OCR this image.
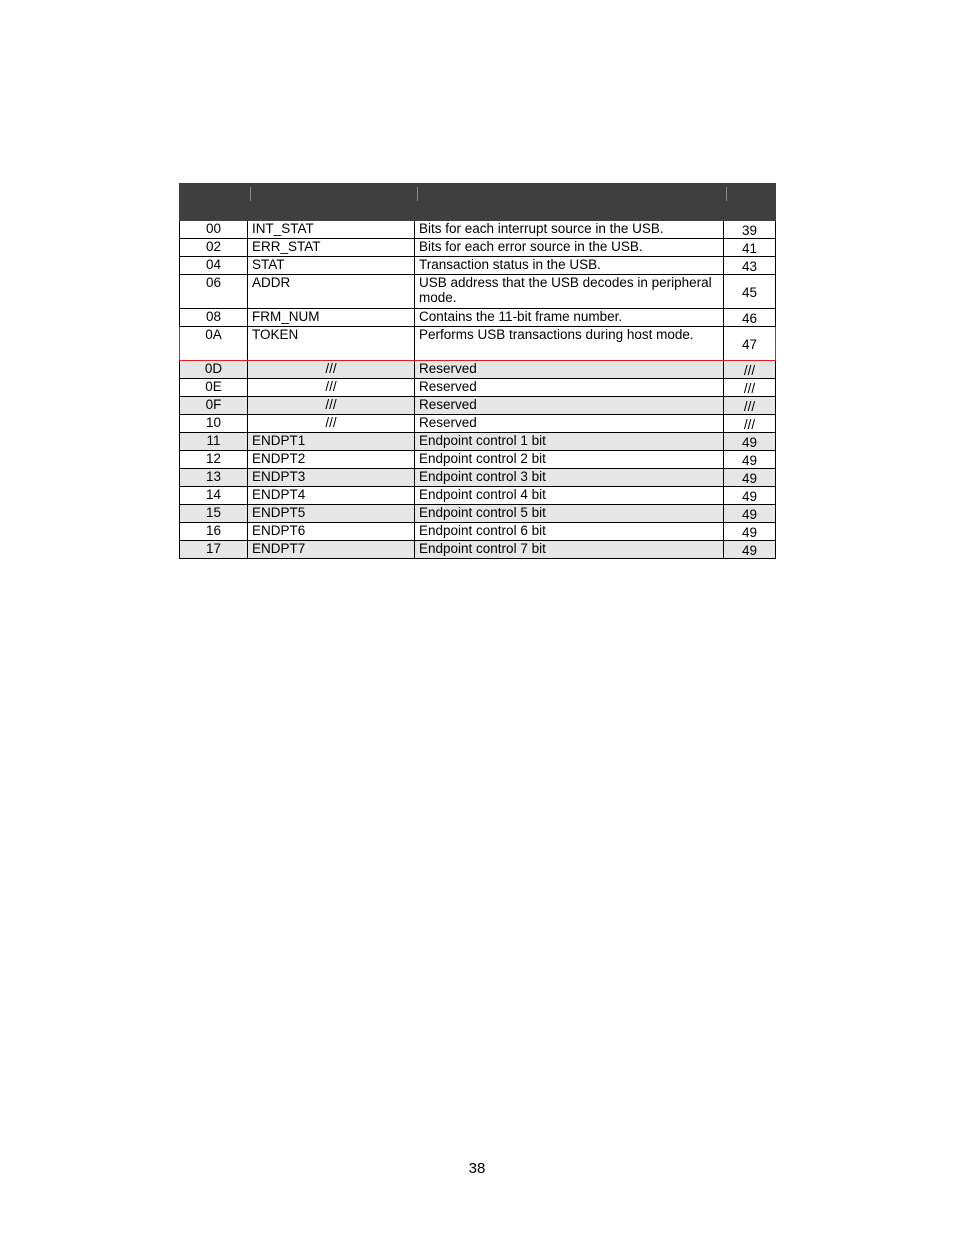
00	INT_STAT	Bits for each interrupt source in the USB.	39
02	ERR_STAT	Bits for each error source in the USB.	41
04	STAT	Transaction status in the USB.	43
06	ADDR	USB address that the USB decodes in peripheral mode.	45
08	FRM_NUM	Contains the 11-bit frame number.	46
0A	TOKEN	Performs USB transactions during host mode.	47
0D	///	Reserved	///
0E	///	Reserved	///
0F	///	Reserved	///
10	///	Reserved	///
11	ENDPT1	Endpoint control 1 bit	49
12	ENDPT2	Endpoint control 2 bit	49
13	ENDPT3	Endpoint control 3 bit	49
14	ENDPT4	Endpoint control 4 bit	49
15	ENDPT5	Endpoint control 5 bit	49
16	ENDPT6	Endpoint control 6 bit	49
17	ENDPT7	Endpoint control 7 bit	49
38
